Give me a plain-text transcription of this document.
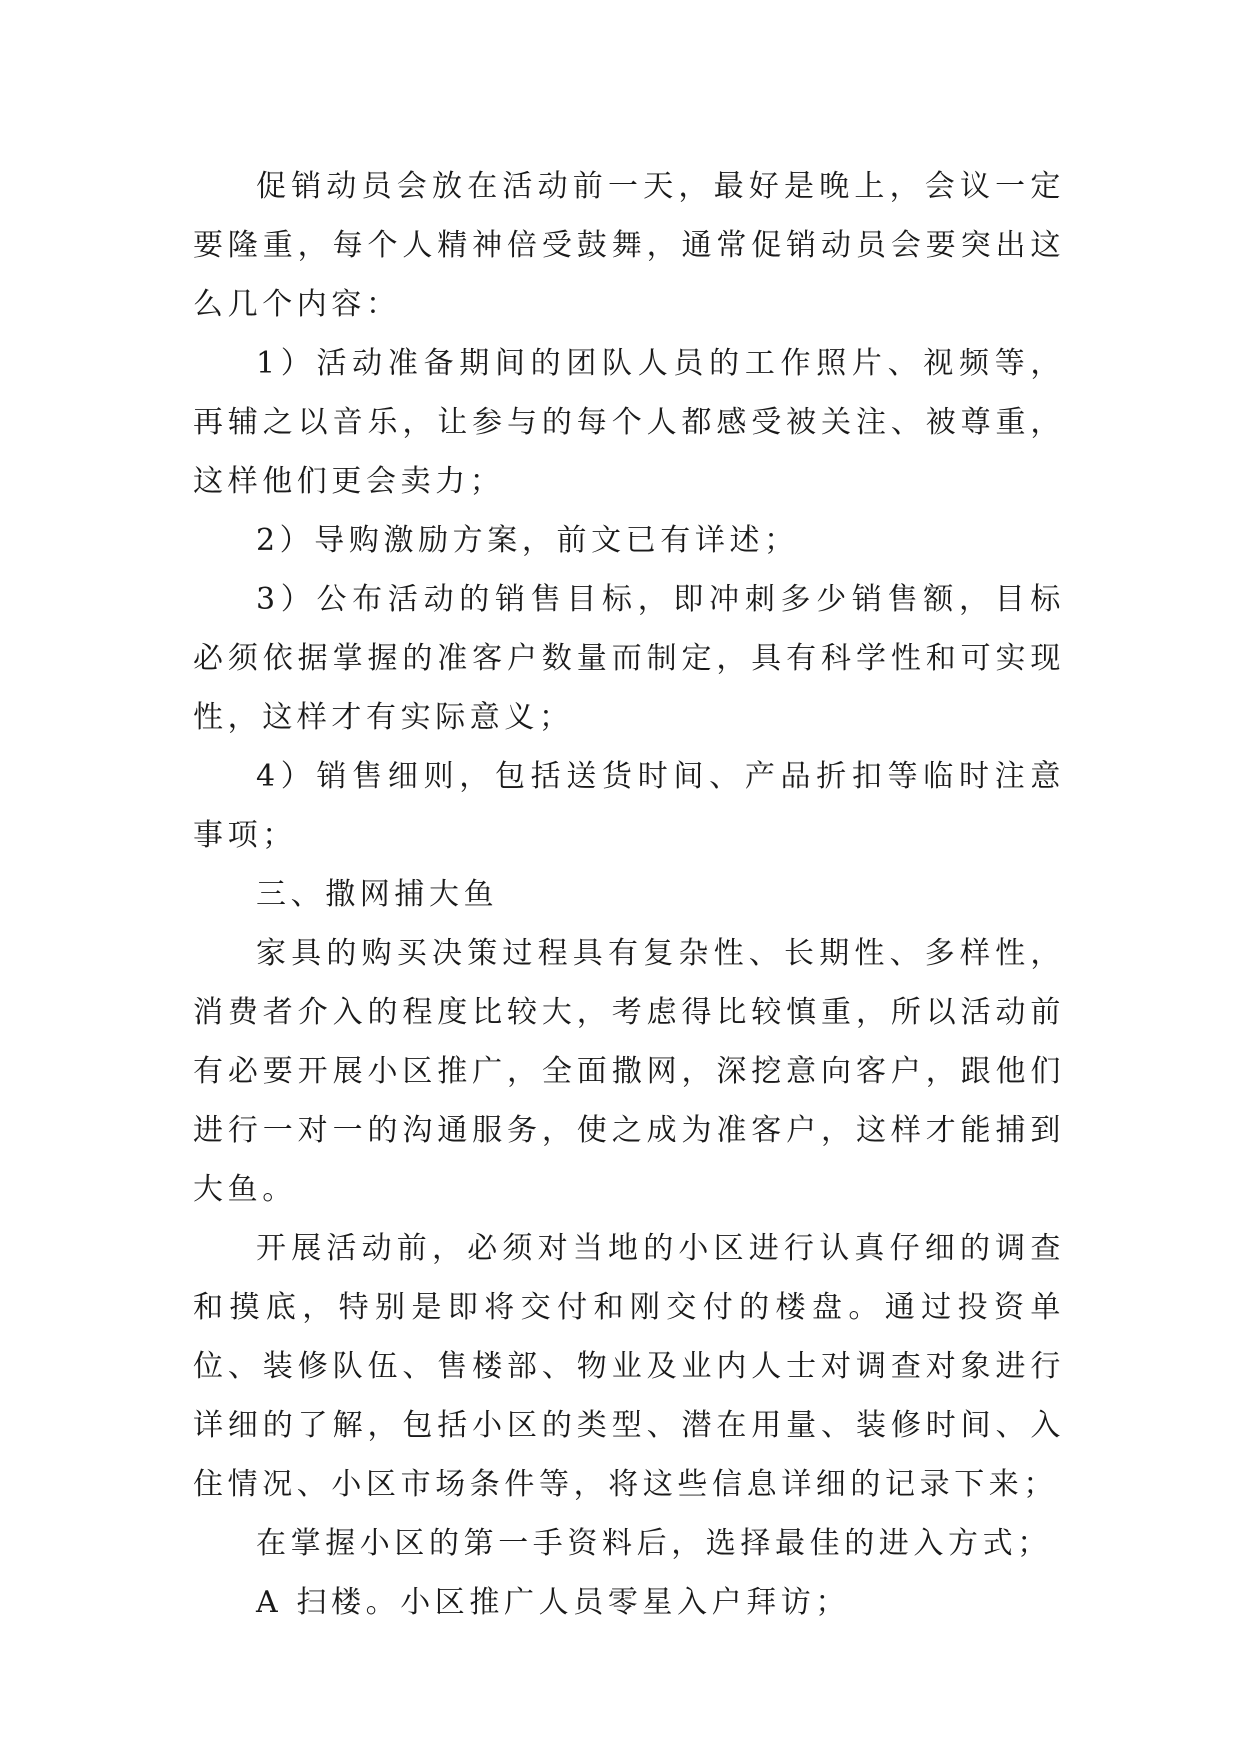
促销动员会放在活动前一天，最好是晚上，会议一定要隆重，每个人精神倍受鼓舞，通常促销动员会要突出这么几个内容：

1）活动准备期间的团队人员的工作照片、视频等，再辅之以音乐，让参与的每个人都感受被关注、被尊重，这样他们更会卖力；

2）导购激励方案，前文已有详述；

3）公布活动的销售目标，即冲刺多少销售额，目标必须依据掌握的准客户数量而制定，具有科学性和可实现性，这样才有实际意义；

4）销售细则，包括送货时间、产品折扣等临时注意事项；

三、撒网捕大鱼

家具的购买决策过程具有复杂性、长期性、多样性，消费者介入的程度比较大，考虑得比较慎重，所以活动前有必要开展小区推广，全面撒网，深挖意向客户，跟他们进行一对一的沟通服务，使之成为准客户，这样才能捕到大鱼。

开展活动前，必须对当地的小区进行认真仔细的调查和摸底，特别是即将交付和刚交付的楼盘。通过投资单位、装修队伍、售楼部、物业及业内人士对调查对象进行详细的了解，包括小区的类型、潜在用量、装修时间、入住情况、小区市场条件等，将这些信息详细的记录下来；

在掌握小区的第一手资料后，选择最佳的进入方式；

A 扫楼。小区推广人员零星入户拜访；
